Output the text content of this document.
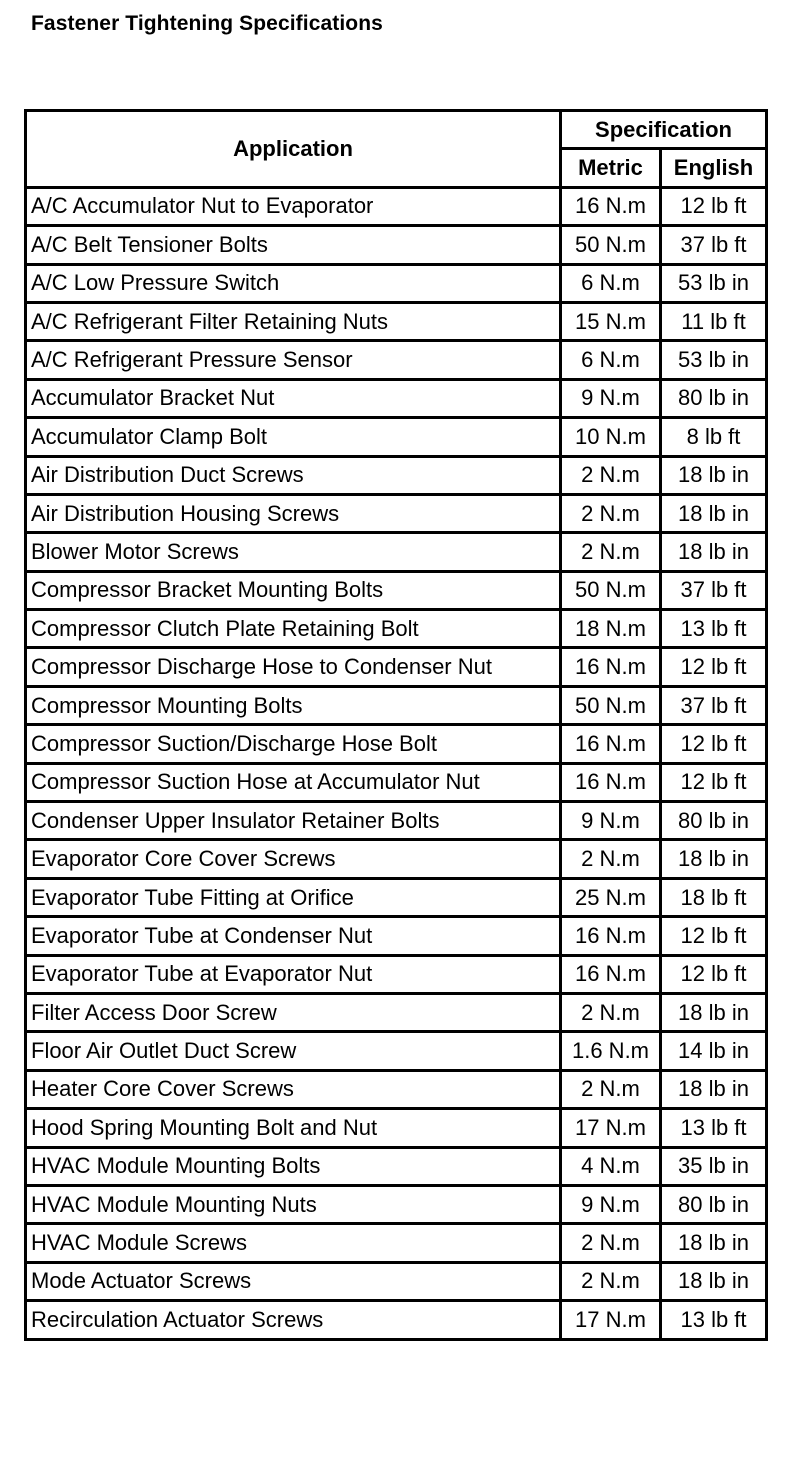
Fastener Tightening Specifications
Application	Specification	
	Metric	English
A/C Accumulator Nut to Evaporator	16 N.m	12 lb ft
A/C Belt Tensioner Bolts	50 N.m	37 lb ft
A/C Low Pressure Switch	6 N.m	53 lb in
A/C Refrigerant Filter Retaining Nuts	15 N.m	11 lb ft
A/C Refrigerant Pressure Sensor	6 N.m	53 lb in
Accumulator Bracket Nut	9 N.m	80 lb in
Accumulator Clamp Bolt	10 N.m	8 lb ft
Air Distribution Duct Screws	2 N.m	18 lb in
Air Distribution Housing Screws	2 N.m	18 lb in
Blower Motor Screws	2 N.m	18 lb in
Compressor Bracket Mounting Bolts	50 N.m	37 lb ft
Compressor Clutch Plate Retaining Bolt	18 N.m	13 lb ft
Compressor Discharge Hose to Condenser Nut	16 N.m	12 lb ft
Compressor Mounting Bolts	50 N.m	37 lb ft
Compressor Suction/Discharge Hose Bolt	16 N.m	12 lb ft
Compressor Suction Hose at Accumulator Nut	16 N.m	12 lb ft
Condenser Upper Insulator Retainer Bolts	9 N.m	80 lb in
Evaporator Core Cover Screws	2 N.m	18 lb in
Evaporator Tube Fitting at Orifice	25 N.m	18 lb ft
Evaporator Tube at Condenser Nut	16 N.m	12 lb ft
Evaporator Tube at Evaporator Nut	16 N.m	12 lb ft
Filter Access Door Screw	2 N.m	18 lb in
Floor Air Outlet Duct Screw	1.6 N.m	14 lb in
Heater Core Cover Screws	2 N.m	18 lb in
Hood Spring Mounting Bolt and Nut	17 N.m	13 lb ft
HVAC Module Mounting Bolts	4 N.m	35 lb in
HVAC Module Mounting Nuts	9 N.m	80 lb in
HVAC Module Screws	2 N.m	18 lb in
Mode Actuator Screws	2 N.m	18 lb in
Recirculation Actuator Screws	17 N.m	13 lb ft
